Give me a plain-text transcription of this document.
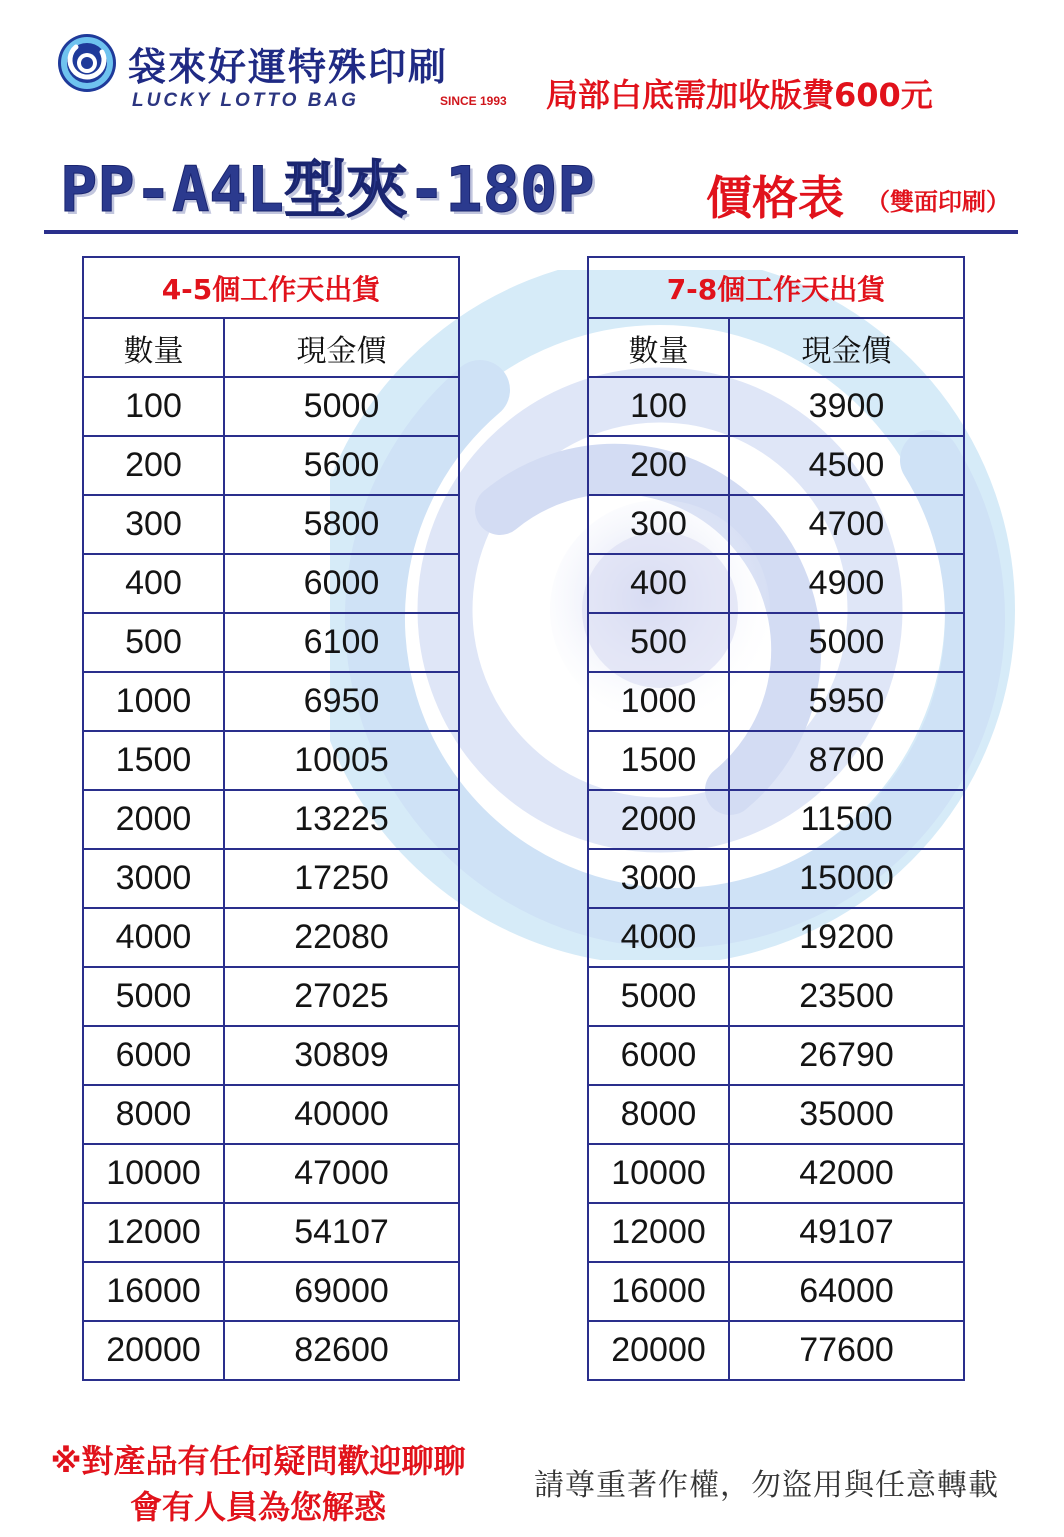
袋來好運特殊印刷
LUCKY LOTTO BAG	SINCE 1993 局部白底需加收版費600元
PP-A4L型夾-180P 價格表 （雙面印刷）
4-5個工作天出貨	
數量	現金價
100	5000
200	5600
300	5800
400	6000
500	6100
1000	6950
1500	10005
2000	13225
3000	17250
4000	22080
5000	27025
6000	30809
8000	40000
10000	47000
12000	54107
16000	69000
20000	82600
7-8個工作天出貨	
數量	現金價
100	3900
200	4500
300	4700
400	4900
500	5000
1000	5950
1500	8700
2000	11500
3000	15000
4000	19200
5000	23500
6000	26790
8000	35000
10000	42000
12000	49107
16000	64000
20000	77600
※對產品有任何疑問歡迎聊聊
會有人員為您解惑
請尊重著作權，勿盜用與任意轉載
